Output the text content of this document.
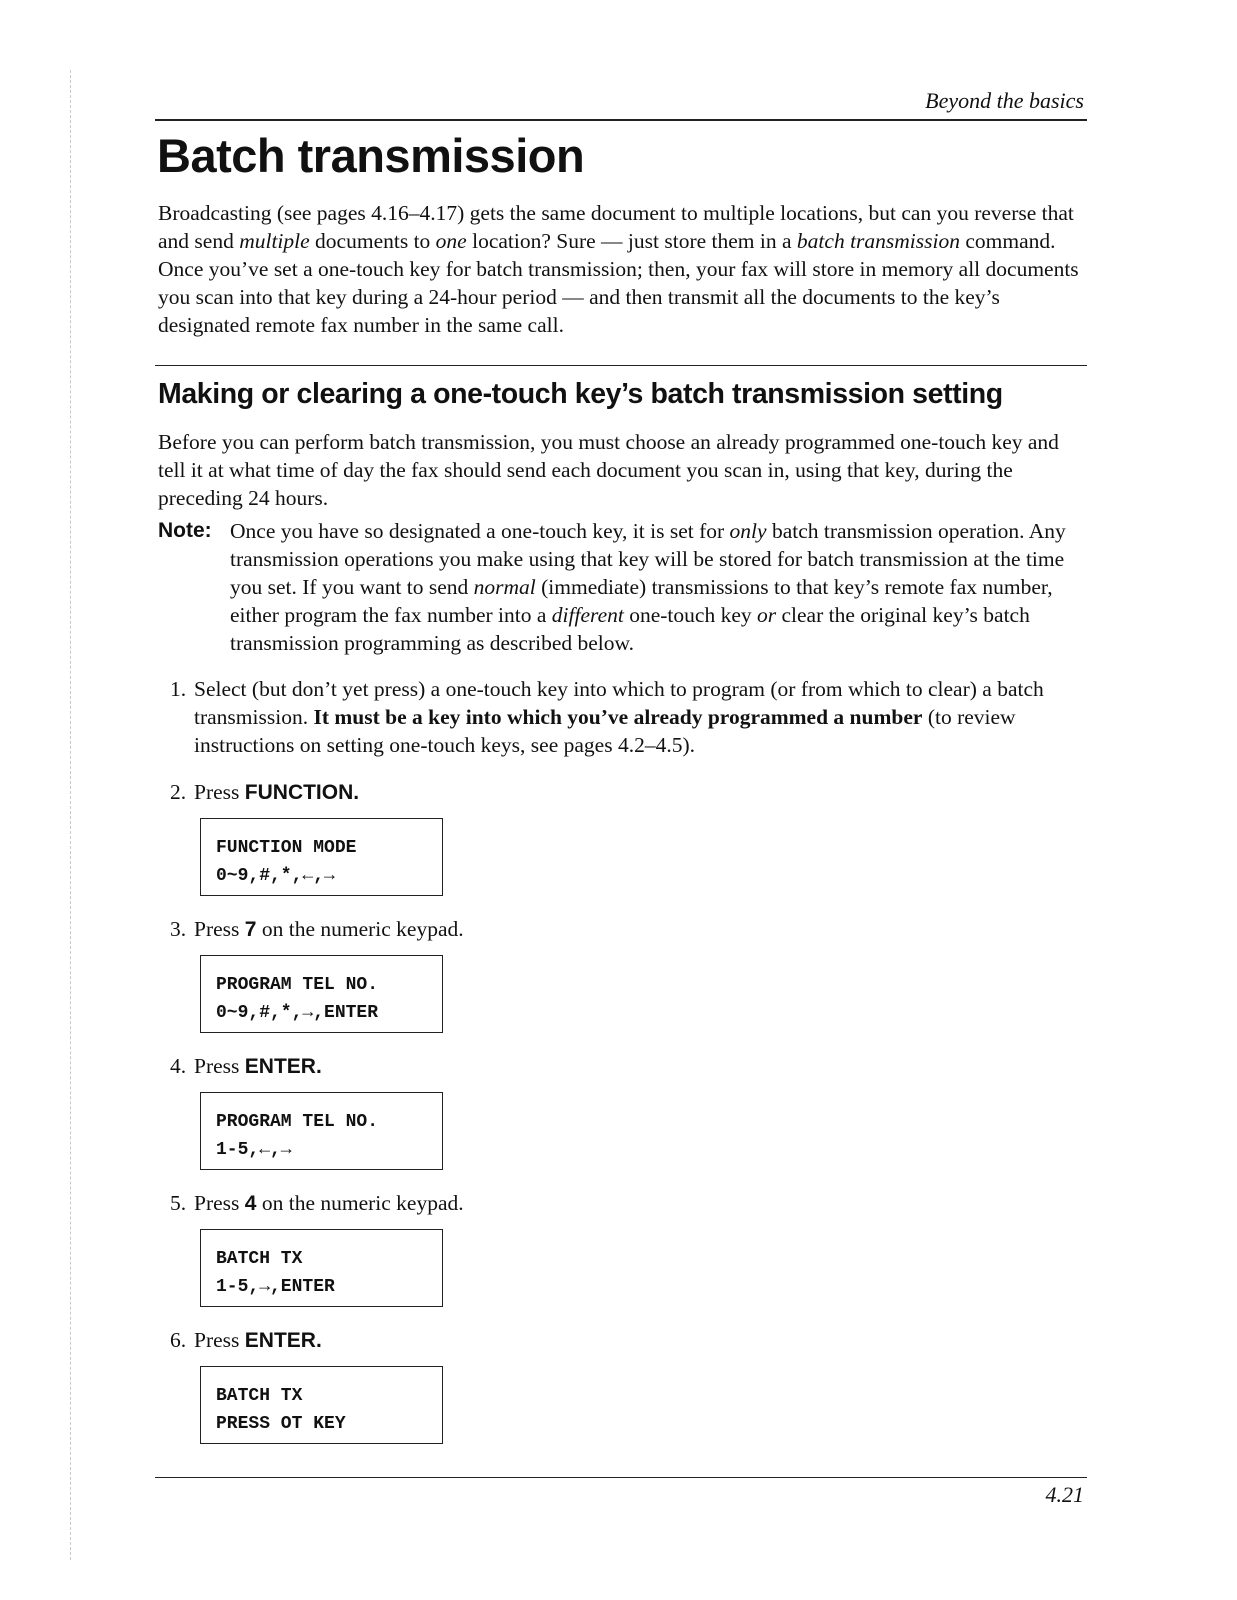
Beyond the basics
Batch transmission
Broadcasting (see pages 4.16–4.17) gets the same document to multiple locations, but can you reverse that and send multiple documents to one location? Sure — just store them in a batch transmission command. Once you’ve set a one-touch key for batch transmission; then, your fax will store in memory all documents you scan into that key during a 24-hour period — and then transmit all the documents to the key’s designated remote fax number in the same call.
Making or clearing a one-touch key’s batch transmission setting
Before you can perform batch transmission, you must choose an already programmed one-touch key and tell it at what time of day the fax should send each document you scan in, using that key, during the preceding 24 hours.
Note: Once you have so designated a one-touch key, it is set for only batch transmission operation. Any transmission operations you make using that key will be stored for batch transmission at the time you set. If you want to send normal (immediate) transmissions to that key’s remote fax number, either program the fax number into a different one-touch key or clear the original key’s batch transmission programming as described below.
1. Select (but don’t yet press) a one-touch key into which to program (or from which to clear) a batch transmission. It must be a key into which you’ve already programmed a number (to review instructions on setting one-touch keys, see pages 4.2–4.5).
2. Press FUNCTION.
FUNCTION MODE
0~9,#,*,←,→
3. Press 7 on the numeric keypad.
PROGRAM TEL NO.
0~9,#,*,→,ENTER
4. Press ENTER.
PROGRAM TEL NO.
1-5,←,→
5. Press 4 on the numeric keypad.
BATCH TX
1-5,→,ENTER
6. Press ENTER.
BATCH TX
PRESS OT KEY
4.21
